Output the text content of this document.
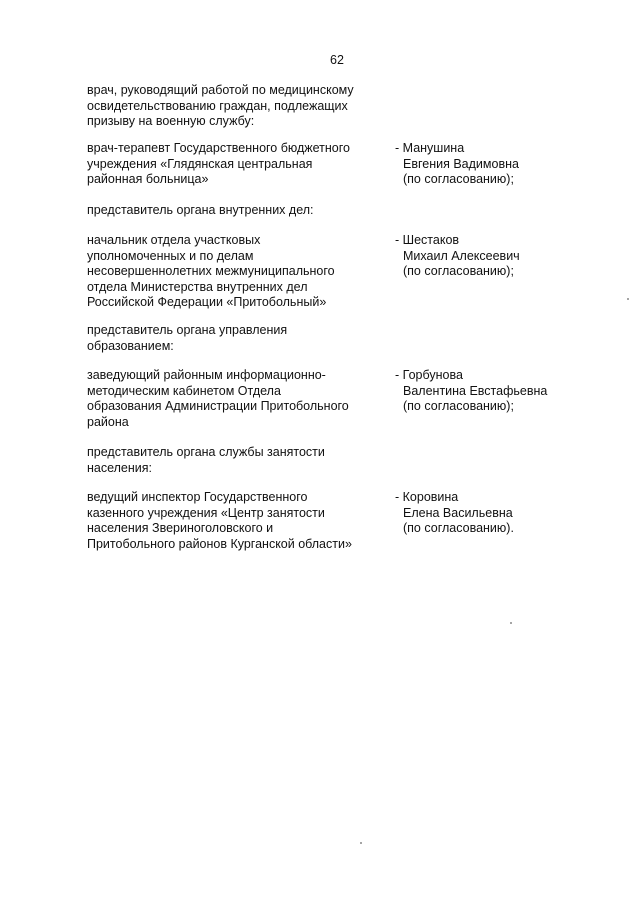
62
врач, руководящий работой по медицинскому
освидетельствованию граждан, подлежащих
призыву на военную службу:
врач-терапевт Государственного бюджетного
учреждения «Глядянская центральная
районная больница»
- Манушина
Евгения Вадимовна
(по согласованию);
представитель органа внутренних дел:
начальник отдела участковых
уполномоченных и по делам
несовершеннолетних межмуниципального
отдела Министерства внутренних дел
Российской Федерации «Притобольный»
- Шестаков
Михаил Алексеевич
(по согласованию);
представитель органа управления
образованием:
заведующий районным информационно-
методическим кабинетом Отдела
образования Администрации Притобольного
района
- Горбунова
Валентина Евстафьевна
(по согласованию);
представитель органа службы занятости
населения:
ведущий инспектор Государственного
казенного учреждения «Центр занятости
населения Звериноголовского и
Притобольного районов Курганской области»
- Коровина
Елена Васильевна
(по согласованию).
